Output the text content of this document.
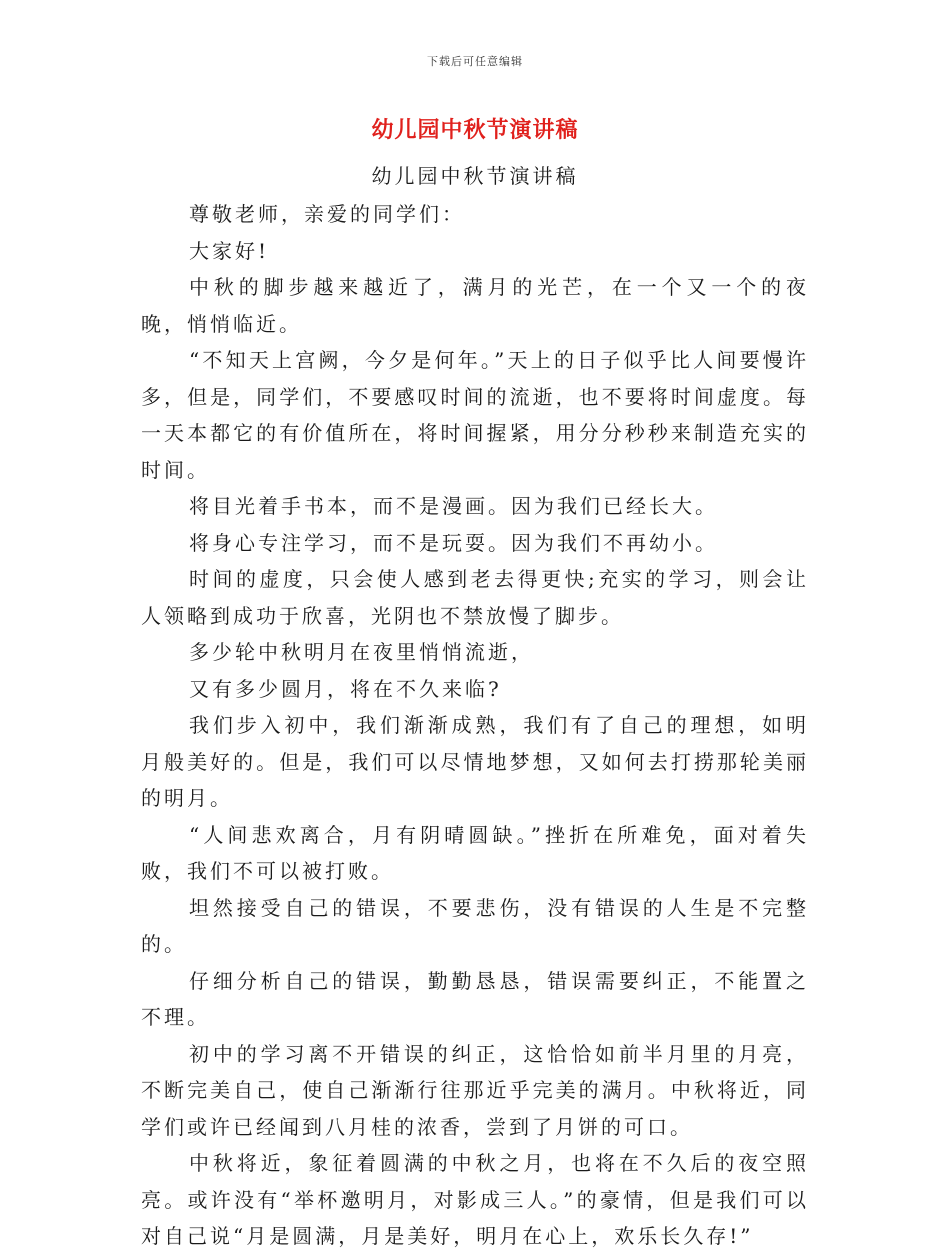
下载后可任意编辑
幼儿园中秋节演讲稿
幼儿园中秋节演讲稿

尊敬老师，亲爱的同学们：

大家好!

中秋的脚步越来越近了，满月的光芒，在一个又一个的夜晚，悄悄临近。

“不知天上宫阙，今夕是何年。”天上的日子似乎比人间要慢许多，但是，同学们，不要感叹时间的流逝，也不要将时间虚度。每一天本都它的有价值所在，将时间握紧，用分分秒秒来制造充实的时间。

将目光着手书本，而不是漫画。因为我们已经长大。

将身心专注学习，而不是玩耍。因为我们不再幼小。

时间的虚度，只会使人感到老去得更快;充实的学习，则会让人领略到成功于欣喜，光阴也不禁放慢了脚步。

多少轮中秋明月在夜里悄悄流逝，

又有多少圆月，将在不久来临?

我们步入初中，我们渐渐成熟，我们有了自己的理想，如明月般美好的。但是，我们可以尽情地梦想，又如何去打捞那轮美丽的明月。

“人间悲欢离合，月有阴晴圆缺。”挫折在所难免，面对着失败，我们不可以被打败。

坦然接受自己的错误，不要悲伤，没有错误的人生是不完整的。

仔细分析自己的错误，勤勤恳恳，错误需要纠正，不能置之不理。

初中的学习离不开错误的纠正，这恰恰如前半月里的月亮，不断完美自己，使自己渐渐行往那近乎完美的满月。中秋将近，同学们或许已经闻到八月桂的浓香，尝到了月饼的可口。

中秋将近，象征着圆满的中秋之月，也将在不久后的夜空照亮。或许没有“举杯邀明月，对影成三人。”的豪情，但是我们可以对自己说“月是圆满，月是美好，明月在心上，欢乐长久存!”
